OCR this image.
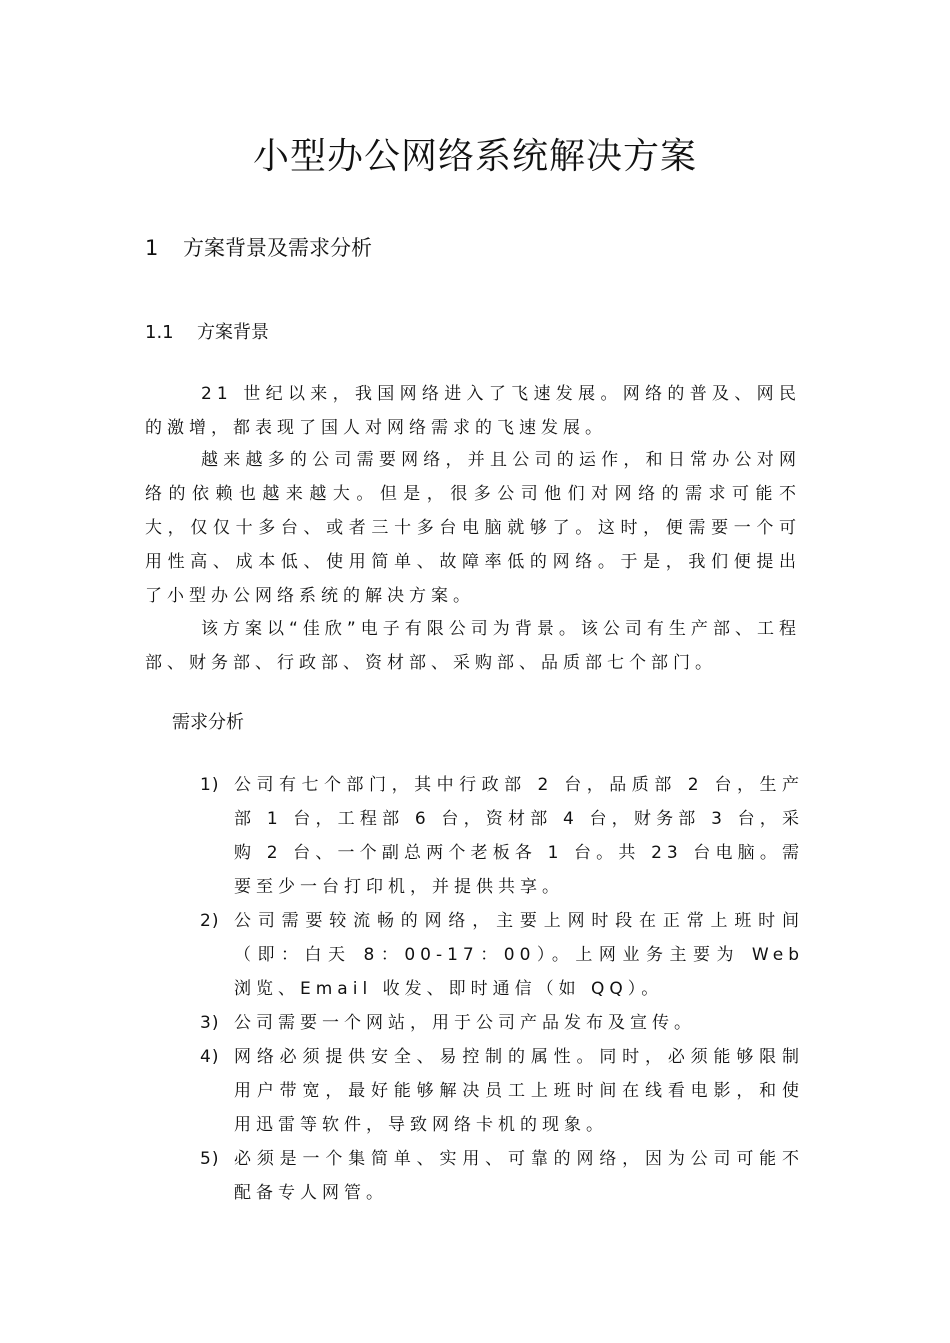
小型办公网络系统解决方案
1 方案背景及需求分析
1.1 方案背景

21 世纪以来，我国网络进入了飞速发展。网络的普及、网民的激增，都表现了国人对网络需求的飞速发展。

越来越多的公司需要网络，并且公司的运作，和日常办公对网络的依赖也越来越大。但是，很多公司他们对网络的需求可能不大，仅仅十多台、或者三十多台电脑就够了。这时，便需要一个可用性高、成本低、使用简单、故障率低的网络。于是，我们便提出了小型办公网络系统的解决方案。

该方案以“佳欣”电子有限公司为背景。该公司有生产部、工程部、财务部、行政部、资材部、采购部、品质部七个部门。

需求分析
1) 公司有七个部门，其中行政部 2 台，品质部 2 台，生产部 1 台，工程部 6 台，资材部 4 台，财务部 3 台，采购 2 台、一个副总两个老板各 1 台。共 23 台电脑。需要至少一台打印机，并提供共享。
2) 公司需要较流畅的网络，主要上网时段在正常上班时间（即：白天 8：00-17：00）。上网业务主要为 Web 浏览、Email 收发、即时通信（如 QQ）。
3) 公司需要一个网站，用于公司产品发布及宣传。
4) 网络必须提供安全、易控制的属性。同时，必须能够限制用户带宽，最好能够解决员工上班时间在线看电影，和使用迅雷等软件，导致网络卡机的现象。
5) 必须是一个集简单、实用、可靠的网络，因为公司可能不配备专人网管。
